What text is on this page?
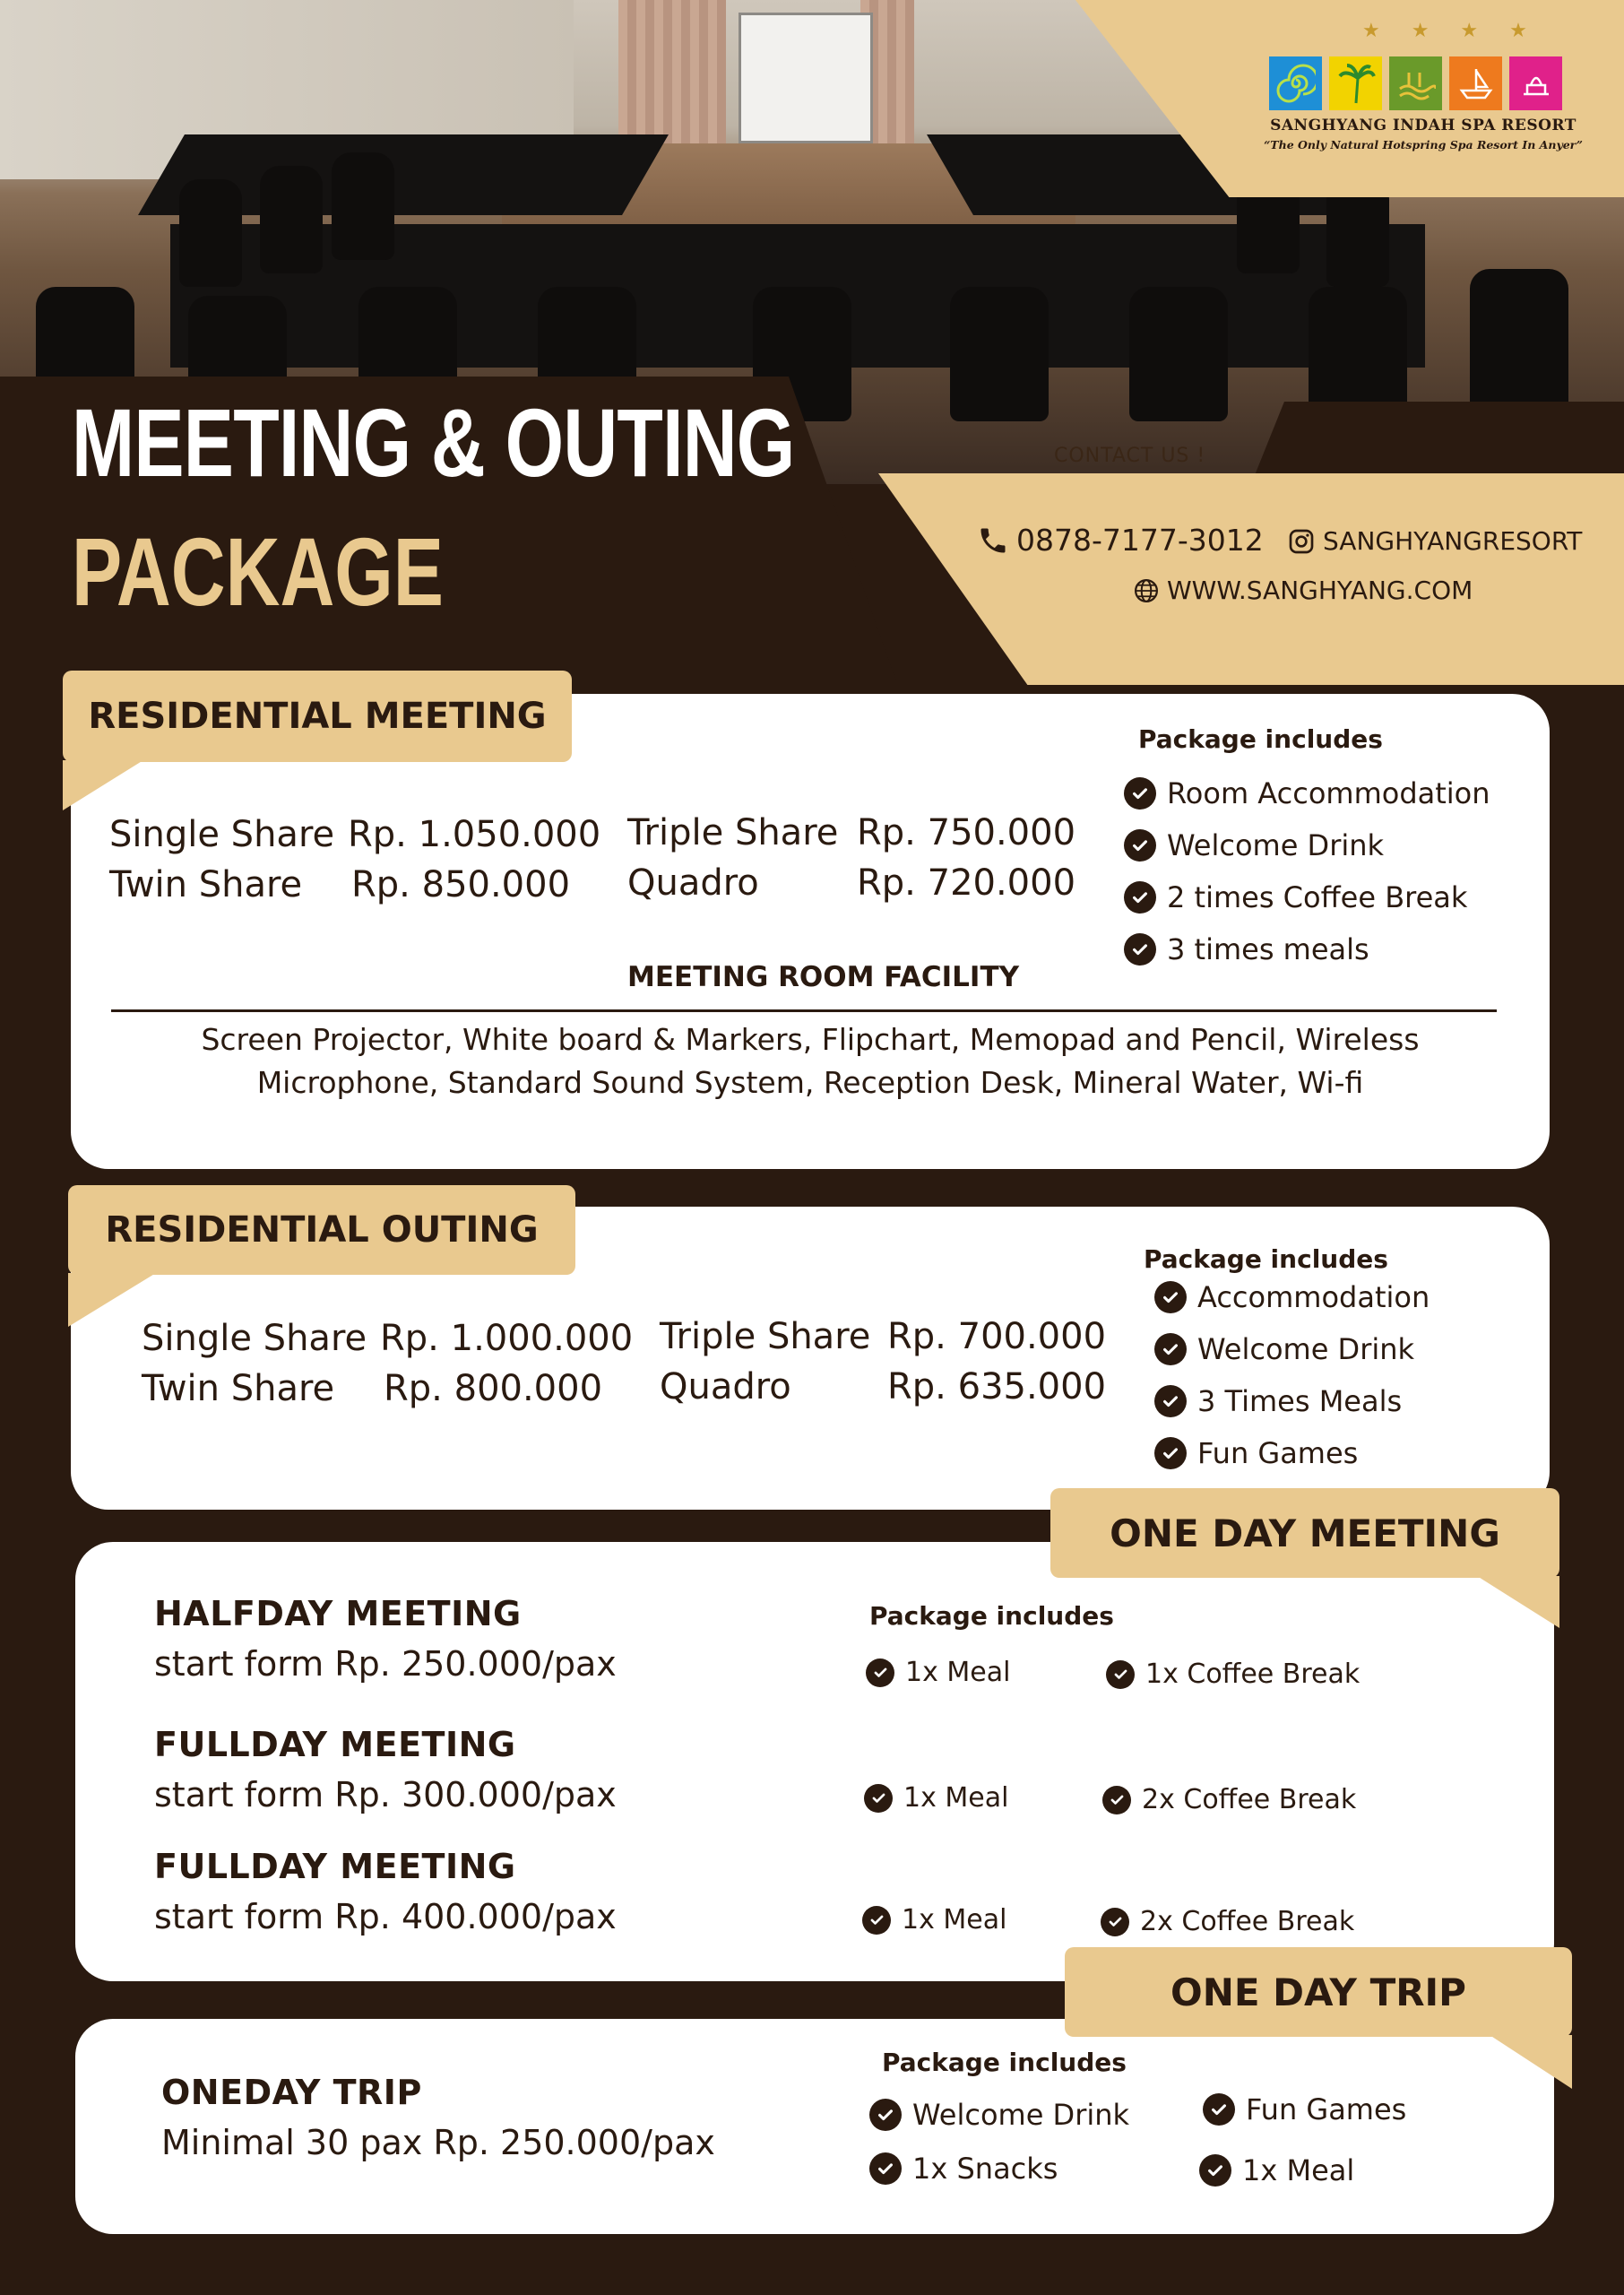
★ ★ ★ ★
SANGHYANG INDAH SPA RESORT
“The Only Natural Hotspring Spa Resort In Anyer”
MEETING & OUTING
PACKAGE
CONTACT US !
0878-7177-3012 SANGHYANGRESORT
WWW.SANGHYANG.COM
RESIDENTIAL MEETING
Single Share Rp. 1.050.000
Twin Share Rp. 850.000
Triple Share Rp. 750.000
Quadro	Rp. 720.000
Package includes
Room Accommodation
Welcome Drink
2 times Coffee Break
3 times meals
MEETING ROOM FACILITY
Screen Projector, White board & Markers, Flipchart, Memopad and Pencil, Wireless
Microphone, Standard Sound System, Reception Desk, Mineral Water, Wi-fi
RESIDENTIAL OUTING
Single Share Rp. 1.000.000
Twin Share Rp. 800.000
Triple Share Rp. 700.000
Quadro	Rp. 635.000
Package includes
Accommodation
Welcome Drink
3 Times Meals
Fun Games
ONE DAY MEETING
Package includes
HALFDAY MEETING
start form Rp. 250.000/pax	1x Meal	1x Coffee Break
FULLDAY MEETING
start form Rp. 300.000/pax	1x Meal	2x Coffee Break
FULLDAY MEETING
start form Rp. 400.000/pax	1x Meal	2x Coffee Break
ONE DAY TRIP
ONEDAY TRIP
Minimal 30 pax Rp. 250.000/pax
Package includes
Welcome Drink	Fun Games
1x Snacks	1x Meal
